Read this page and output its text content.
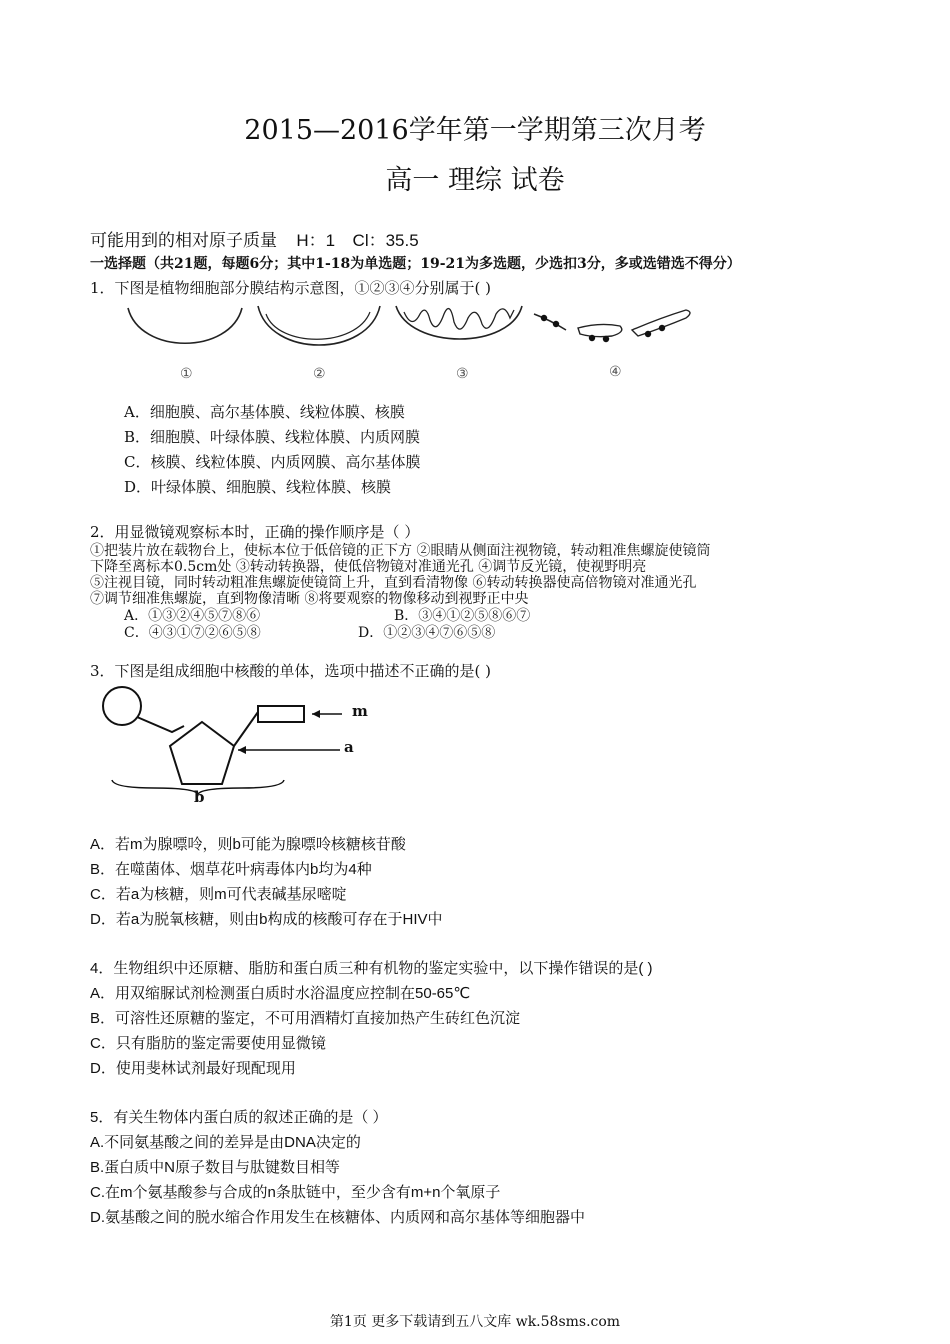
2015—2016学年第一学期第三次月考
高一 理综 试卷
可能用到的相对原子质量 H：1 Cl：35.5
一选择题（共21题，每题6分；其中1-18为单选题；19-21为多选题，少选扣3分，多或选错选不得分）
1．下图是植物细胞部分膜结构示意图，①②③④分别属于( )
①	②	③	④
A．细胞膜、高尔基体膜、线粒体膜、核膜
B．细胞膜、叶绿体膜、线粒体膜、内质网膜
C．核膜、线粒体膜、内质网膜、高尔基体膜
D．叶绿体膜、细胞膜、线粒体膜、核膜
2．用显微镜观察标本时，正确的操作顺序是（ ）
①把装片放在载物台上，使标本位于低倍镜的正下方 ②眼睛从侧面注视物镜，转动粗准焦螺旋使镜筒
下降至离标本0.5cm处 ③转动转换器，使低倍物镜对准通光孔 ④调节反光镜，使视野明亮
⑤注视目镜，同时转动粗准焦螺旋使镜筒上升，直到看清物像 ⑥转动转换器使高倍物镜对准通光孔
⑦调节细准焦螺旋，直到物像清晰 ⑧将要观察的物像移动到视野正中央
A．①③②④⑤⑦⑧⑥	B．③④①②⑤⑧⑥⑦
C．④③①⑦②⑥⑤⑧	D．①②③④⑦⑥⑤⑧
3．下图是组成细胞中核酸的单体，选项中描述不正确的是( )
m
a
b
A．若m为腺嘌呤，则b可能为腺嘌呤核糖核苷酸
B．在噬菌体、烟草花叶病毒体内b均为4种
C．若a为核糖，则m可代表碱基尿嘧啶
D．若a为脱氧核糖，则由b构成的核酸可存在于HIV中
4．生物组织中还原糖、脂肪和蛋白质三种有机物的鉴定实验中，以下操作错误的是( )
A．用双缩脲试剂检测蛋白质时水浴温度应控制在50-65℃
B．可溶性还原糖的鉴定，不可用酒精灯直接加热产生砖红色沉淀
C．只有脂肪的鉴定需要使用显微镜
D．使用斐林试剂最好现配现用
5．有关生物体内蛋白质的叙述正确的是（ ）
A.不同氨基酸之间的差异是由DNA决定的
B.蛋白质中N原子数目与肽键数目相等
C.在m个氨基酸参与合成的n条肽链中，至少含有m+n个氧原子
D.氨基酸之间的脱水缩合作用发生在核糖体、内质网和高尔基体等细胞器中
第1页 更多下载请到五八文库 wk.58sms.com
